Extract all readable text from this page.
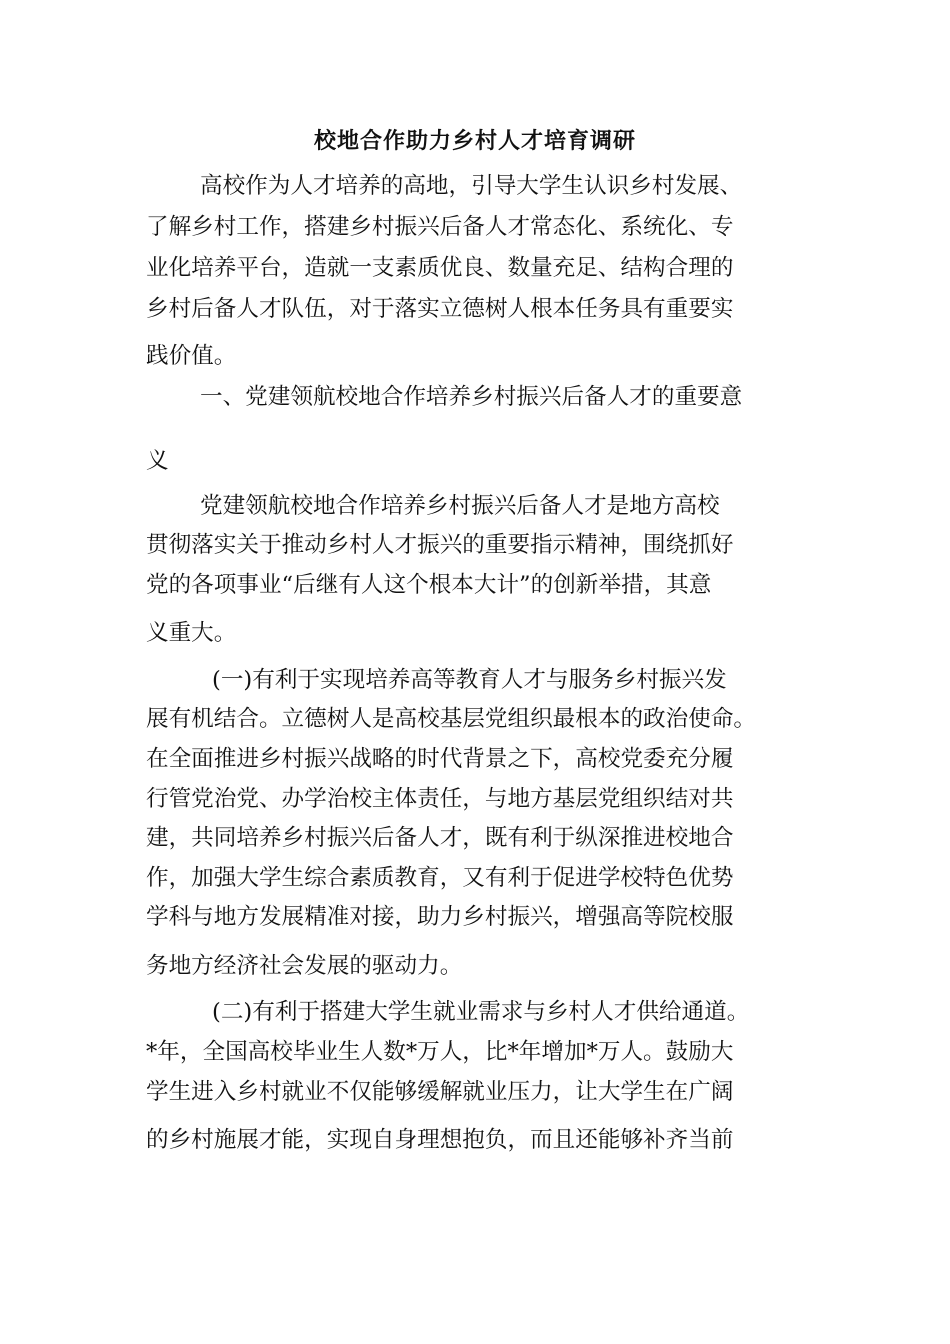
校地合作助力乡村人才培育调研
高校作为人才培养的高地，引导大学生认识乡村发展、
了解乡村工作，搭建乡村振兴后备人才常态化、系统化、专
业化培养平台，造就一支素质优良、数量充足、结构合理的
乡村后备人才队伍，对于落实立德树人根本任务具有重要实
践价值。
一、党建领航校地合作培养乡村振兴后备人才的重要意
义
党建领航校地合作培养乡村振兴后备人才是地方高校
贯彻落实关于推动乡村人才振兴的重要指示精神，围绕抓好
党的各项事业“后继有人这个根本大计”的创新举措，其意
义重大。
(一)有利于实现培养高等教育人才与服务乡村振兴发
展有机结合。立德树人是高校基层党组织最根本的政治使命。
在全面推进乡村振兴战略的时代背景之下，高校党委充分履
行管党治党、办学治校主体责任，与地方基层党组织结对共
建，共同培养乡村振兴后备人才，既有利于纵深推进校地合
作，加强大学生综合素质教育，又有利于促进学校特色优势
学科与地方发展精准对接，助力乡村振兴，增强高等院校服
务地方经济社会发展的驱动力。
(二)有利于搭建大学生就业需求与乡村人才供给通道。
*年，全国高校毕业生人数*万人，比*年增加*万人。鼓励大
学生进入乡村就业不仅能够缓解就业压力，让大学生在广阔
的乡村施展才能，实现自身理想抱负，而且还能够补齐当前
